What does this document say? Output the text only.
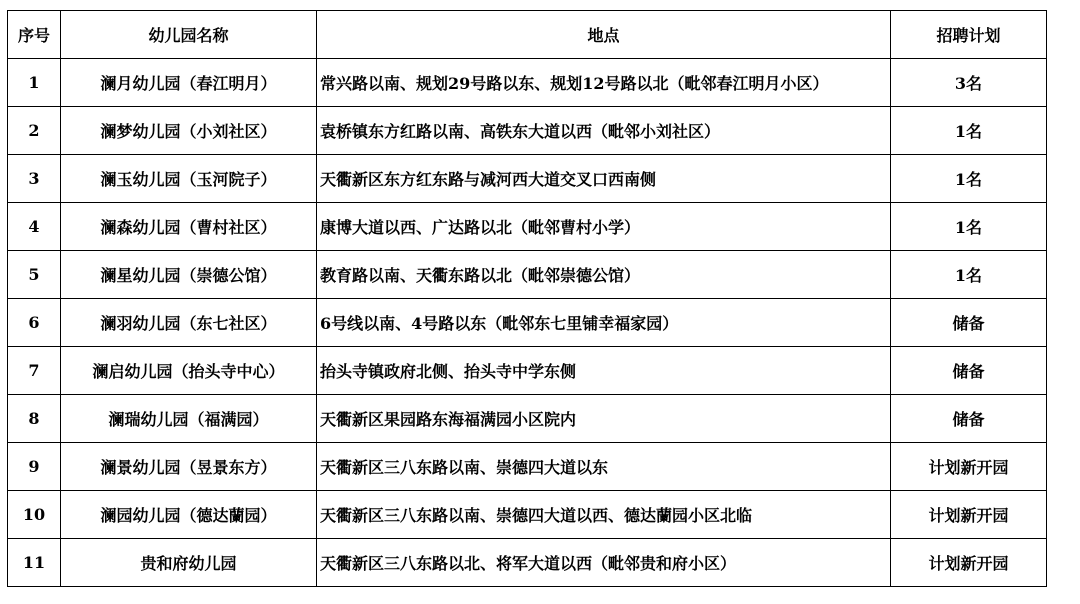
序号	幼儿园名称	地点	招聘计划
1	澜月幼儿园（春江明月）	常兴路以南、规划29号路以东、规划12号路以北（毗邻春江明月小区）	3名
2	澜梦幼儿园（小刘社区）	袁桥镇东方红路以南、高铁东大道以西（毗邻小刘社区）	1名
3	澜玉幼儿园（玉河院子）	天衢新区东方红东路与减河西大道交叉口西南侧	1名
4	澜森幼儿园（曹村社区）	康博大道以西、广达路以北（毗邻曹村小学）	1名
5	澜星幼儿园（崇德公馆）	教育路以南、天衢东路以北（毗邻崇德公馆）	1名
6	澜羽幼儿园（东七社区）	6号线以南、4号路以东（毗邻东七里铺幸福家园）	储备
7	澜启幼儿园（抬头寺中心）	抬头寺镇政府北侧、抬头寺中学东侧	储备
8	澜瑞幼儿园（福满园）	天衢新区果园路东海福满园小区院内	储备
9	澜景幼儿园（昱景东方）	天衢新区三八东路以南、崇德四大道以东	计划新开园
10	澜园幼儿园（德达蘭园）	天衢新区三八东路以南、崇德四大道以西、德达蘭园小区北临	计划新开园
11	贵和府幼儿园	天衢新区三八东路以北、将军大道以西（毗邻贵和府小区）	计划新开园
